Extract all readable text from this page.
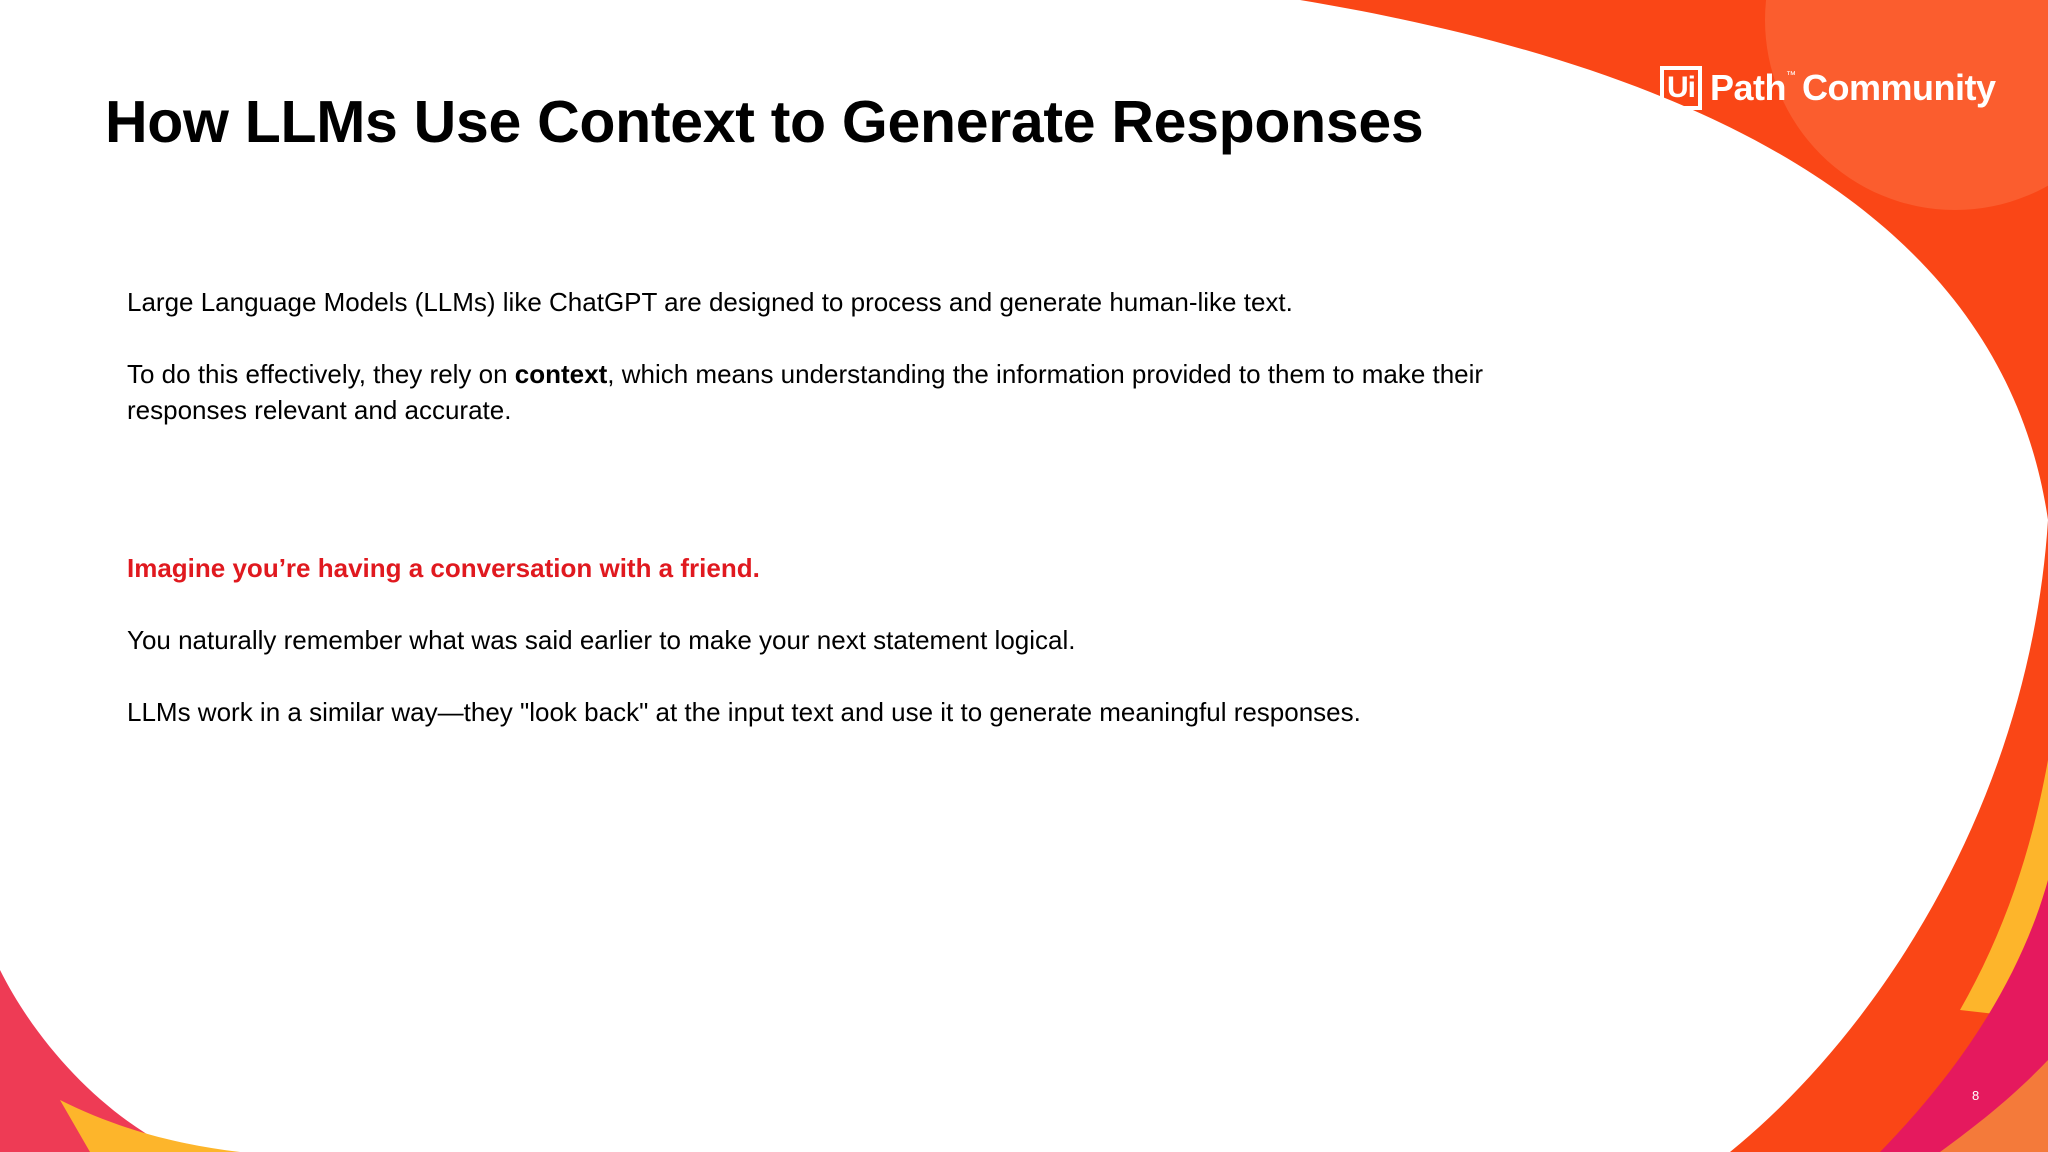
Ui Path ™ Community
How LLMs Use Context to Generate Responses

Large Language Models (LLMs) like ChatGPT are designed to process and generate human-like text.

To do this effectively, they rely on context, which means understanding the information provided to them to make their responses relevant and accurate.

Imagine you’re having a conversation with a friend.

You naturally remember what was said earlier to make your next statement logical.

LLMs work in a similar way—they "look back" at the input text and use it to generate meaningful responses.

8
